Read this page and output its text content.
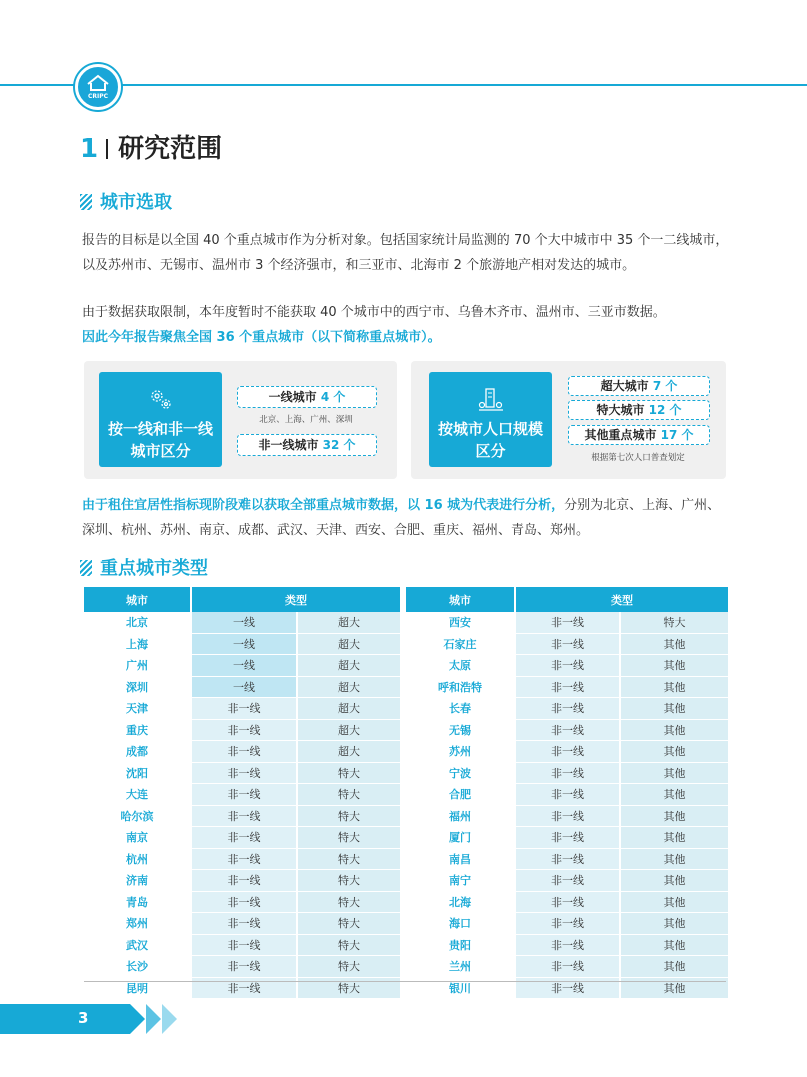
CRIPC
1 研究范围
城市选取
报告的目标是以全国 40 个重点城市作为分析对象。包括国家统计局监测的 70 个大中城市中 35 个一二线城市，以及苏州市、无锡市、温州市 3 个经济强市，和三亚市、北海市 2 个旅游地产相对发达的城市。
由于数据获取限制，本年度暂时不能获取 40 个城市中的西宁市、乌鲁木齐市、温州市、三亚市数据。
因此今年报告聚焦全国 36 个重点城市（以下简称重点城市）。
按一线和非一线城市区分
一线城市 4 个
北京、上海、广州、深圳
非一线城市 32 个
按城市人口规模区分
超大城市 7 个
特大城市 12 个
其他重点城市 17 个
根据第七次人口普查划定
由于租住宜居性指标现阶段难以获取全部重点城市数据，以 16 城为代表进行分析，分别为北京、上海、广州、深圳、杭州、苏州、南京、成都、武汉、天津、西安、合肥、重庆、福州、青岛、郑州。
重点城市类型
城市	类型	
北京	一线	超大
上海	一线	超大
广州	一线	超大
深圳	一线	超大
天津	非一线	超大
重庆	非一线	超大
成都	非一线	超大
沈阳	非一线	特大
大连	非一线	特大
哈尔滨	非一线	特大
南京	非一线	特大
杭州	非一线	特大
济南	非一线	特大
青岛	非一线	特大
郑州	非一线	特大
武汉	非一线	特大
长沙	非一线	特大
昆明	非一线	特大
城市	类型	
西安	非一线	特大
石家庄	非一线	其他
太原	非一线	其他
呼和浩特	非一线	其他
长春	非一线	其他
无锡	非一线	其他
苏州	非一线	其他
宁波	非一线	其他
合肥	非一线	其他
福州	非一线	其他
厦门	非一线	其他
南昌	非一线	其他
南宁	非一线	其他
北海	非一线	其他
海口	非一线	其他
贵阳	非一线	其他
兰州	非一线	其他
银川	非一线	其他
3
